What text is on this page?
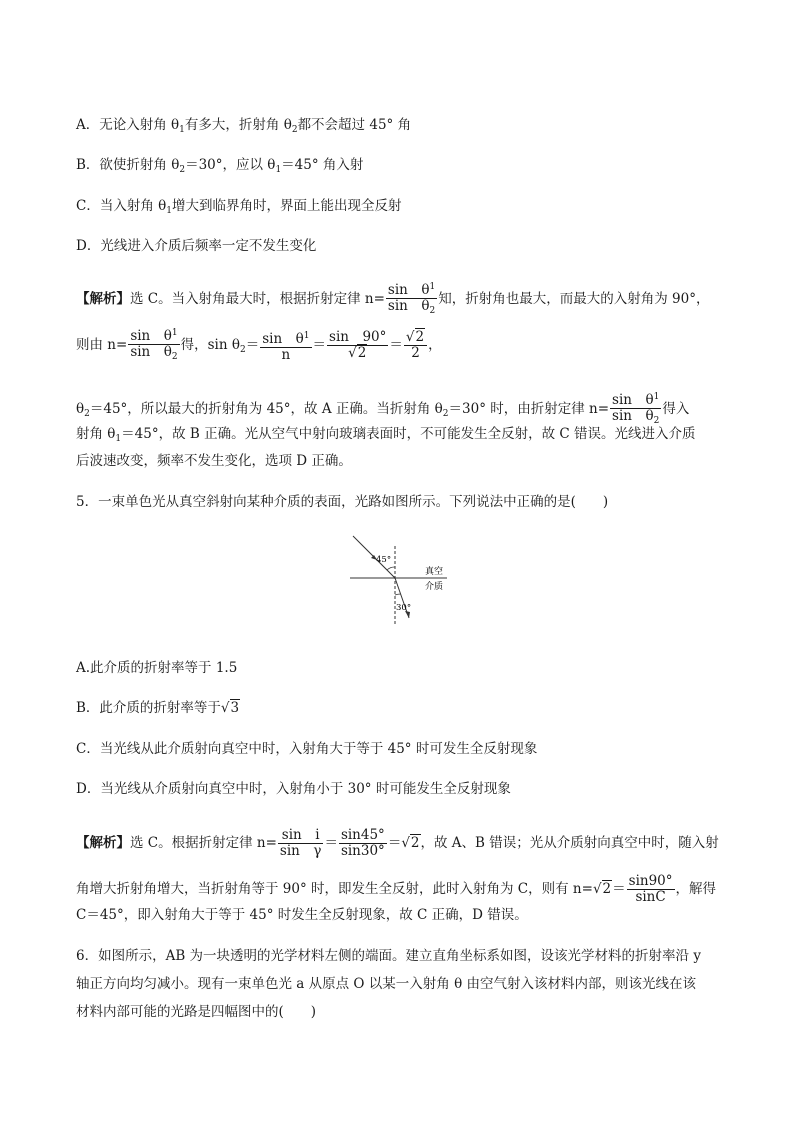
A．无论入射角 $\theta_1$有多大，折射角 $\theta_2$都不会超过 45° 角
B．欲使折射角 $\theta_2=30^\circ$，应以 $\theta_1=45^\circ$ 角入射
C．当入射角 $\theta_1$增大到临界角时，界面上能出现全反射
D．光线进入介质后频率一定不发生变化
【解析】选 C。当入射角最大时，根据折射定律 $n= \frac{\sin \theta^1}{\sin \theta_2}$ 知，折射角也最大，而最大的入射角为 90°，
则由 $n= \frac{\sin \theta^1}{\sin \theta_2}$ 得，$\sin \theta_2= \frac{\sin \theta^1}{n} = \frac{\sin 90^\circ}{√2} = \frac{√2}{2}$ ，
$\theta_2=45^\circ$，所以最大的折射角为 45°，故 A 正确。当折射角 $\theta_2=30^\circ$ 时，由折射定律 $n= \frac{\sin \theta^1}{\sin \theta_2}$ 得入
射角 $\theta_1=45^\circ$，故 B 正确。光从空气中射向玻璃表面时，不可能发生全反射，故 C 错误。光线进入介质
后波速改变，频率不发生变化，选项 D 正确。
5．一束单色光从真空斜射向某种介质的表面，光路如图所示。下列说法中正确的是(　　)
45°
30°
真空
介质
A.此介质的折射率等于 1.5
B．此介质的折射率等于√3
C．当光线从此介质射向真空中时，入射角大于等于 45° 时可发生全反射现象
D．当光线从介质射向真空中时，入射角小于 30° 时可能发生全反射现象
【解析】选 C。根据折射定律 $n= \frac{\text{sin　i}}{\text{sin　γ}} = \frac{\sin 45^\circ}{\sin 30^\circ} =√2$，故 A、B 错误；光从介质射向真空中时，随入射
角增大折射角增大，当折射角等于 90° 时，即发生全反射，此时入射角为 C，则有 $n=√2= \frac{\sin 90^\circ}{\sin C}$ ，解得
C＝45°，即入射角大于等于 45° 时发生全反射现象，故 C 正确，D 错误。
6．如图所示，AB 为一块透明的光学材料左侧的端面。建立直角坐标系如图，设该光学材料的折射率沿 y
轴正方向均匀减小。现有一束单色光 a 从原点 O 以某一入射角 θ 由空气射入该材料内部，则该光线在该
材料内部可能的光路是四幅图中的(　　)
